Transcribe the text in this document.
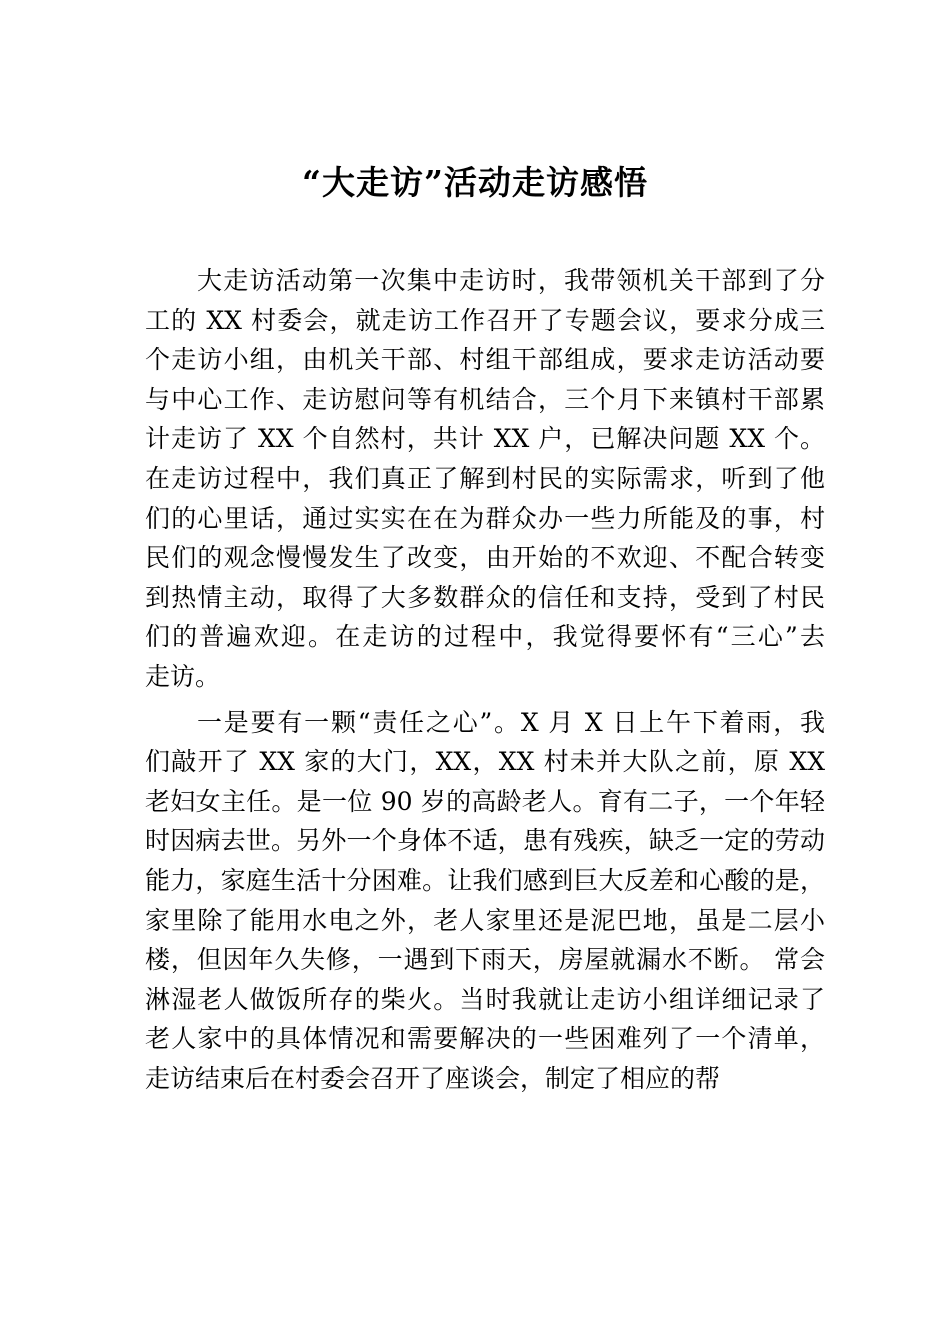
“大走访”活动走访感悟
大走访活动第一次集中走访时，我带领机关干部到了分
工的 XX 村委会，就走访工作召开了专题会议，要求分成三
个走访小组，由机关干部、村组干部组成，要求走访活动要
与中心工作、走访慰问等有机结合，三个月下来镇村干部累
计走访了 XX 个自然村，共计 XX 户，已解决问题 XX 个。
在走访过程中，我们真正了解到村民的实际需求，听到了他
们的心里话，通过实实在在为群众办一些力所能及的事，村
民们的观念慢慢发生了改变，由开始的不欢迎、不配合转变
到热情主动，取得了大多数群众的信任和支持，受到了村民
们的普遍欢迎。在走访的过程中，我觉得要怀有“三心”去
走访。
一是要有一颗“责任之心”。X 月 X 日上午下着雨，我
们敲开了 XX 家的大门，XX，XX 村未并大队之前，原 XX
老妇女主任。是一位 90 岁的高龄老人。育有二子，一个年轻
时因病去世。另外一个身体不适，患有残疾，缺乏一定的劳动
能力，家庭生活十分困难。让我们感到巨大反差和心酸的是，
家里除了能用水电之外，老人家里还是泥巴地，虽是二层小
楼，但因年久失修，一遇到下雨天，房屋就漏水不断。 常会
淋湿老人做饭所存的柴火。当时我就让走访小组详细记录了
老人家中的具体情况和需要解决的一些困难列了一个清单，
走访结束后在村委会召开了座谈会，制定了相应的帮
